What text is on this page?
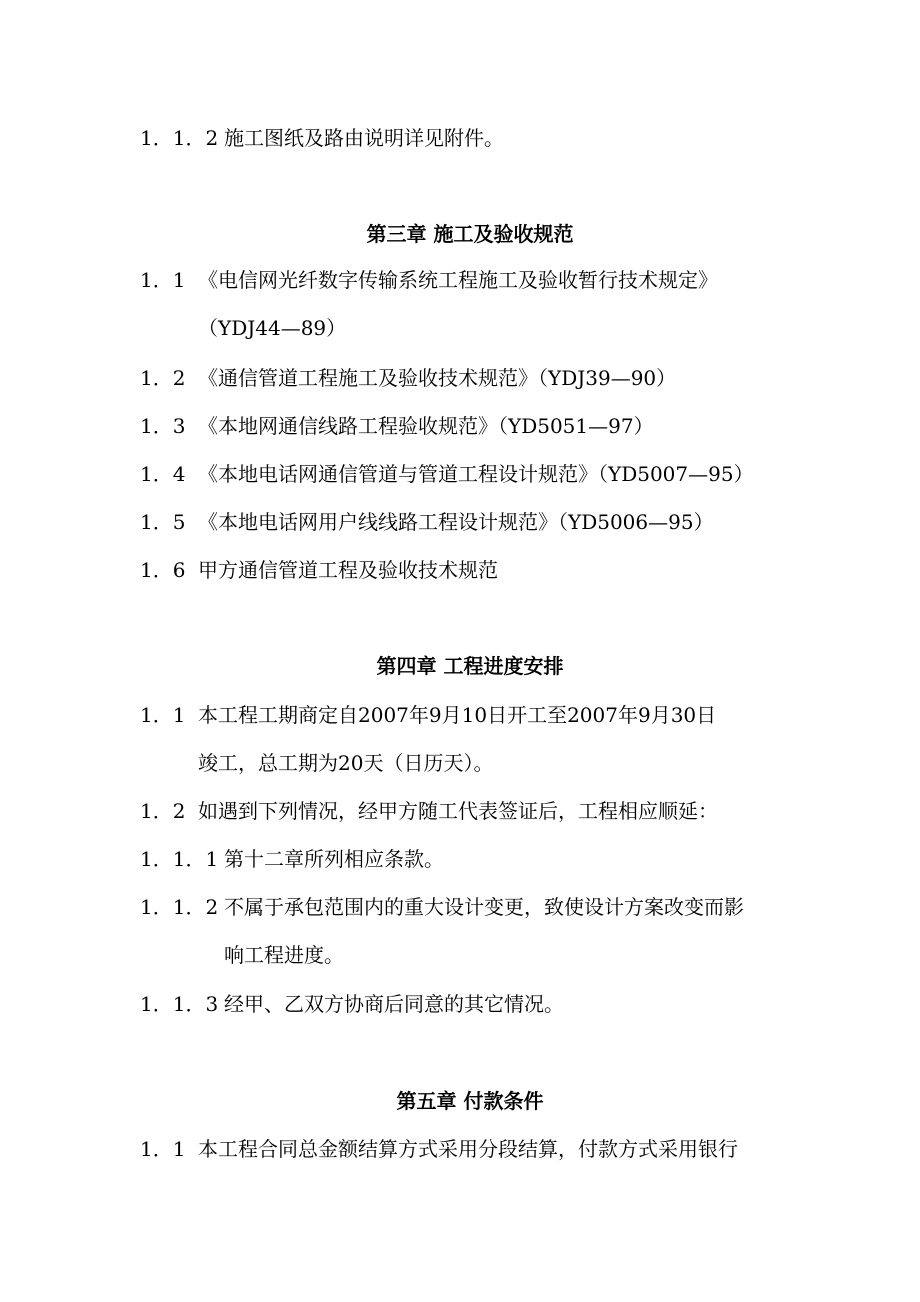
1．1．2 施工图纸及路由说明详见附件。
第三章 施工及验收规范
1．1 《电信网光纤数字传输系统工程施工及验收暂行技术规定》
（YDJ44—89）
1．2 《通信管道工程施工及验收技术规范》（YDJ39—90）
1．3 《本地网通信线路工程验收规范》（YD5051—97）
1．4 《本地电话网通信管道与管道工程设计规范》（YD5007—95）
1．5 《本地电话网用户线线路工程设计规范》（YD5006—95）
1．6 甲方通信管道工程及验收技术规范
第四章 工程进度安排
1．1 本工程工期商定自2007年9月10日开工至2007年9月30日
竣工，总工期为20天（日历天）。
1．2 如遇到下列情况，经甲方随工代表签证后，工程相应顺延：
1．1．1 第十二章所列相应条款。
1．1．2 不属于承包范围内的重大设计变更，致使设计方案改变而影
响工程进度。
1．1．3 经甲、乙双方协商后同意的其它情况。
第五章 付款条件
1．1 本工程合同总金额结算方式采用分段结算，付款方式采用银行
